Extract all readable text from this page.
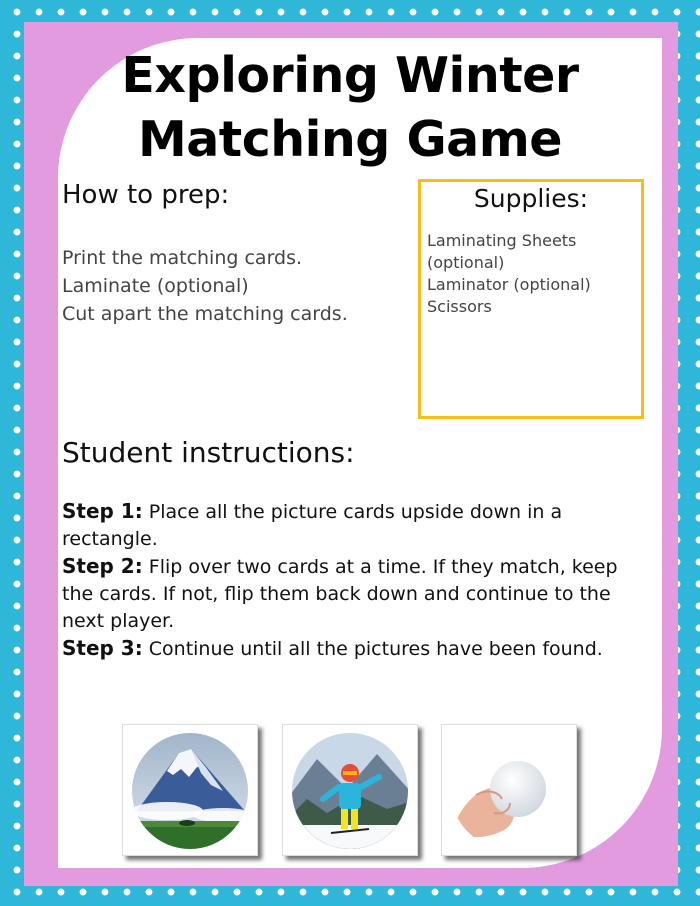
Exploring Winter
Matching Game
How to prep:
Print the matching cards.
Laminate (optional)
Cut apart the matching cards.
Supplies:
Laminating Sheets (optional)
Laminator (optional)
Scissors
Student instructions:

Step 1: Place all the picture cards upside down in a rectangle.

Step 2: Flip over two cards at a time. If they match, keep the cards. If not, flip them back down and continue to the next player.

Step 3: Continue until all the pictures have been found.
